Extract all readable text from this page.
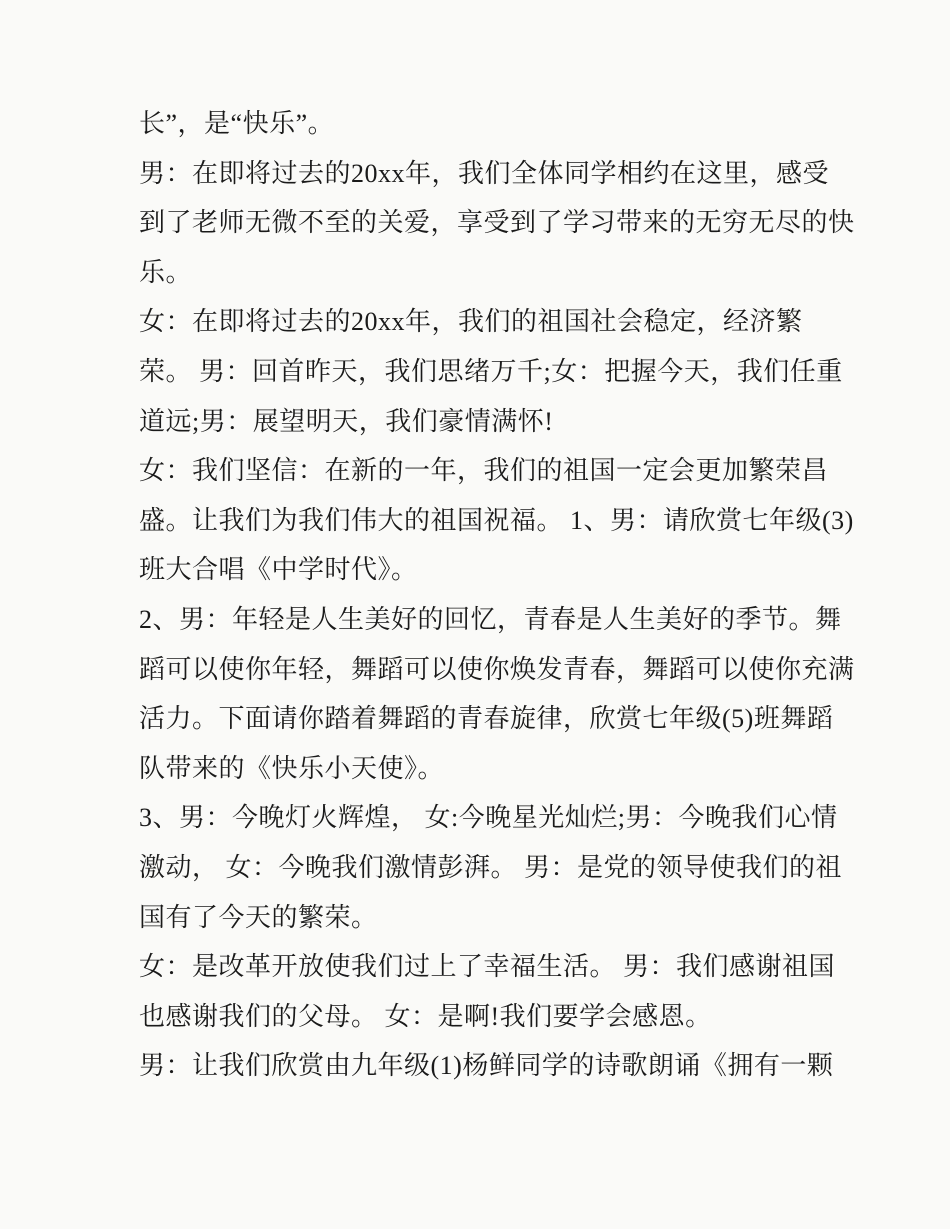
长”，是“快乐”。
男：在即将过去的20xx年，我们全体同学相约在这里，感受
到了老师无微不至的关爱，享受到了学习带来的无穷无尽的快
乐。
女：在即将过去的20xx年，我们的祖国社会稳定，经济繁
荣。 男：回首昨天，我们思绪万千;女：把握今天，我们任重
道远;男：展望明天，我们豪情满怀!
女：我们坚信：在新的一年，我们的祖国一定会更加繁荣昌
盛。让我们为我们伟大的祖国祝福。 1、男：请欣赏七年级(3)
班大合唱《中学时代》。
2、男：年轻是人生美好的回忆，青春是人生美好的季节。舞
蹈可以使你年轻，舞蹈可以使你焕发青春，舞蹈可以使你充满
活力。下面请你踏着舞蹈的青春旋律，欣赏七年级(5)班舞蹈
队带来的《快乐小天使》。
3、男：今晚灯火辉煌， 女:今晚星光灿烂;男：今晚我们心情
激动， 女：今晚我们激情彭湃。 男：是党的领导使我们的祖
国有了今天的繁荣。
女：是改革开放使我们过上了幸福生活。 男：我们感谢祖国
也感谢我们的父母。 女：是啊!我们要学会感恩。
男：让我们欣赏由九年级(1)杨鲜同学的诗歌朗诵《拥有一颗
